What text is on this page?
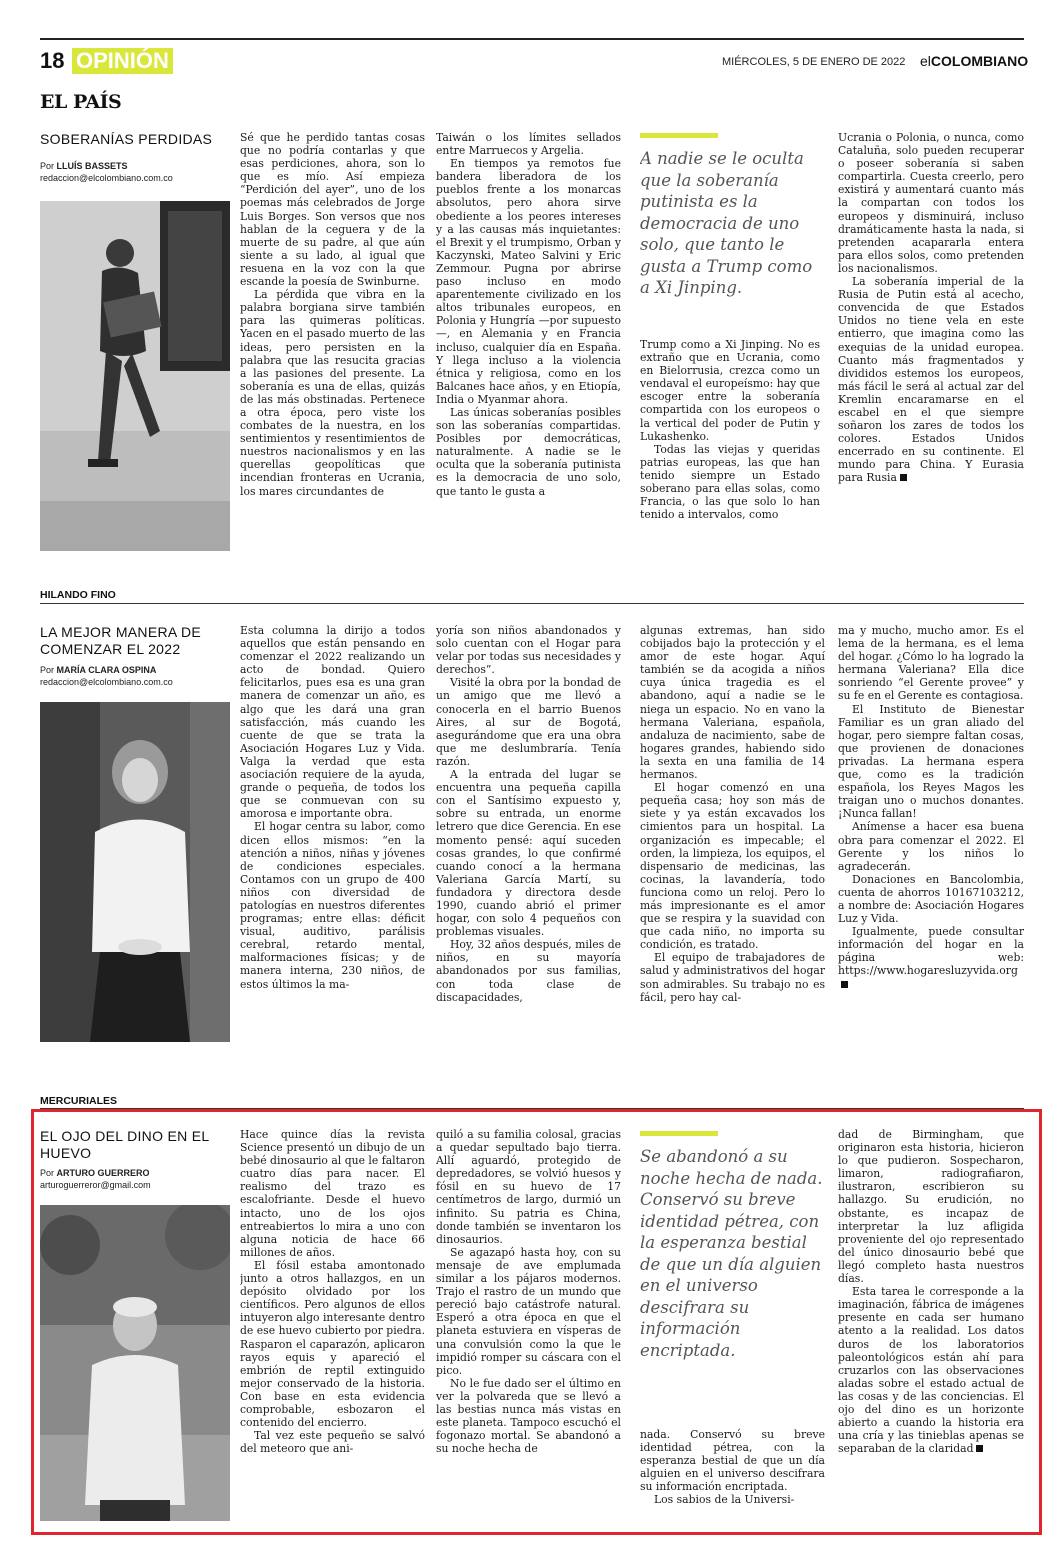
18 OPINIÓN	MIÉRCOLES, 5 DE ENERO DE 2022 elCOLOMBIANO
EL PAÍS
SOBERANÍAS PERDIDAS
Por LLUÍS BASSETS
redaccion@elcolombiano.com.co

Sé que he perdido tantas cosas que no podría contarlas y que esas perdiciones, ahora, son lo que es mío. Así empieza “Perdición del ayer”, uno de los poemas más celebrados de Jorge Luis Borges. Son versos que nos hablan de la ceguera y de la muerte de su padre, al que aún siente a su lado, al igual que resuena en la voz con la que escande la poesía de Swinburne.

La pérdida que vibra en la palabra borgiana sirve también para las quimeras políticas. Yacen en el pasado muerto de las ideas, pero persisten en la palabra que las resucita gracias a las pasiones del presente. La soberanía es una de ellas, quizás de las más obstinadas. Pertenece a otra época, pero viste los combates de la nuestra, en los sentimientos y resentimientos de nuestros nacionalismos y en las querellas geopolíticas que incendian fronteras en Ucrania, los mares circundantes de

Taiwán o los límites sellados entre Marruecos y Argelia.

En tiempos ya remotos fue bandera liberadora de los pueblos frente a los monarcas absolutos, pero ahora sirve obediente a los peores intereses y a las causas más inquietantes: el Brexit y el trumpismo, Orban y Kaczynski, Mateo Salvini y Eric Zemmour. Pugna por abrirse paso incluso en modo aparentemente civilizado en los altos tribunales europeos, en Polonia y Hungría —por supuesto—, en Alemania y en Francia incluso, cualquier día en España. Y llega incluso a la violencia étnica y religiosa, como en los Balcanes hace años, y en Etiopía, India o Myanmar ahora.

Las únicas soberanías posibles son las soberanías compartidas. Posibles por democráticas, naturalmente. A nadie se le oculta que la soberanía putinista es la democracia de uno solo, que tanto le gusta a

A nadie se le oculta que la soberanía putinista es la democracia de uno solo, que tanto le gusta a Trump como a Xi Jinping.

Trump como a Xi Jinping. No es extraño que en Ucrania, como en Bielorrusia, crezca como un vendaval el europeísmo: hay que escoger entre la soberanía compartida con los europeos o la vertical del poder de Putin y Lukashenko.

Todas las viejas y queridas patrias europeas, las que han tenido siempre un Estado soberano para ellas solas, como Francia, o las que solo lo han tenido a intervalos, como

Ucrania o Polonia, o nunca, como Cataluña, solo pueden recuperar o poseer soberanía si saben compartirla. Cuesta creerlo, pero existirá y aumentará cuanto más la compartan con todos los europeos y disminuirá, incluso dramáticamente hasta la nada, si pretenden acapararla entera para ellos solos, como pretenden los nacionalismos.

La soberanía imperial de la Rusia de Putin está al acecho, convencida de que Estados Unidos no tiene vela en este entierro, que imagina como las exequias de la unidad europea. Cuanto más fragmentados y divididos estemos los europeos, más fácil le será al actual zar del Kremlin encaramarse en el escabel en el que siempre soñaron los zares de todos los colores. Estados Unidos encerrado en su continente. El mundo para China. Y Eurasia para Rusia

HILANDO FINO
LA MEJOR MANERA DE COMENZAR EL 2022
Por MARÍA CLARA OSPINA
redaccion@elcolombiano.com.co

Esta columna la dirijo a todos aquellos que están pensando en comenzar el 2022 realizando un acto de bondad. Quiero felicitarlos, pues esa es una gran manera de comenzar un año, es algo que les dará una gran satisfacción, más cuando les cuente de que se trata la Asociación Hogares Luz y Vida. Valga la verdad que esta asociación requiere de la ayuda, grande o pequeña, de todos los que se conmuevan con su amorosa e importante obra.

El hogar centra su labor, como dicen ellos mismos: “en la atención a niños, niñas y jóvenes de condiciones especiales. Contamos con un grupo de 400 niños con diversidad de patologías en nuestros diferentes programas; entre ellas: déficit visual, auditivo, parálisis cerebral, retardo mental, malformaciones físicas; y de manera interna, 230 niños, de estos últimos la ma-

yoría son niños abandonados y solo cuentan con el Hogar para velar por todas sus necesidades y derechos”.

Visité la obra por la bondad de un amigo que me llevó a conocerla en el barrio Buenos Aires, al sur de Bogotá, asegurándome que era una obra que me deslumbraría. Tenía razón.

A la entrada del lugar se encuentra una pequeña capilla con el Santísimo expuesto y, sobre su entrada, un enorme letrero que dice Gerencia. En ese momento pensé: aquí suceden cosas grandes, lo que confirmé cuando conocí a la hermana Valeriana García Martí, su fundadora y directora desde 1990, cuando abrió el primer hogar, con solo 4 pequeños con problemas visuales.

Hoy, 32 años después, miles de niños, en su mayoría abandonados por sus familias, con toda clase de discapacidades,

algunas extremas, han sido cobijados bajo la protección y el amor de este hogar. Aquí también se da acogida a niños cuya única tragedia es el abandono, aquí a nadie se le niega un espacio. No en vano la hermana Valeriana, española, andaluza de nacimiento, sabe de hogares grandes, habiendo sido la sexta en una familia de 14 hermanos.

El hogar comenzó en una pequeña casa; hoy son más de siete y ya están excavados los cimientos para un hospital. La organización es impecable; el orden, la limpieza, los equipos, el dispensario de medicinas, las cocinas, la lavandería, todo funciona como un reloj. Pero lo más impresionante es el amor que se respira y la suavidad con que cada niño, no importa su condición, es tratado.

El equipo de trabajadores de salud y administrativos del hogar son admirables. Su trabajo no es fácil, pero hay cal-

ma y mucho, mucho amor. Es el lema de la hermana, es el lema del hogar. ¿Cómo lo ha logrado la hermana Valeriana? Ella dice sonriendo “el Gerente provee” y su fe en el Gerente es contagiosa.

El Instituto de Bienestar Familiar es un gran aliado del hogar, pero siempre faltan cosas, que provienen de donaciones privadas. La hermana espera que, como es la tradición española, los Reyes Magos les traigan uno o muchos donantes. ¡Nunca fallan!

Anímense a hacer esa buena obra para comenzar el 2022. El Gerente y los niños lo agradecerán.

Donaciones en Bancolombia, cuenta de ahorros 10167103212, a nombre de: Asociación Hogares Luz y Vida.

Igualmente, puede consultar información del hogar en la página web: https://www.hogaresluzyvida.org

MERCURIALES
EL OJO DEL DINO EN EL HUEVO
Por ARTURO GUERRERO
arturoguerreror@gmail.com

Hace quince días la revista Science presentó un dibujo de un bebé dinosaurio al que le faltaron cuatro días para nacer. El realismo del trazo es escalofriante. Desde el huevo intacto, uno de los ojos entreabiertos lo mira a uno con alguna noticia de hace 66 millones de años.

El fósil estaba amontonado junto a otros hallazgos, en un depósito olvidado por los científicos. Pero algunos de ellos intuyeron algo interesante dentro de ese huevo cubierto por piedra. Rasparon el caparazón, aplicaron rayos equis y apareció el embrión de reptil extinguido mejor conservado de la historia. Con base en esta evidencia comprobable, esbozaron el contenido del encierro.

Tal vez este pequeño se salvó del meteoro que ani-

quiló a su familia colosal, gracias a quedar sepultado bajo tierra. Allí aguardó, protegido de depredadores, se volvió huesos y fósil en su huevo de 17 centímetros de largo, durmió un infinito. Su patria es China, donde también se inventaron los dinosaurios.

Se agazapó hasta hoy, con su mensaje de ave emplumada similar a los pájaros modernos. Trajo el rastro de un mundo que pereció bajo catástrofe natural. Esperó a otra época en que el planeta estuviera en vísperas de una convulsión como la que le impidió romper su cáscara con el pico.

No le fue dado ser el último en ver la polvareda que se llevó a las bestias nunca más vistas en este planeta. Tampoco escuchó el fogonazo mortal. Se abandonó a su noche hecha de

Se abandonó a su noche hecha de nada. Conservó su breve identidad pétrea, con la esperanza bestial de que un día alguien en el universo descifrara su información encriptada.

nada. Conservó su breve identidad pétrea, con la esperanza bestial de que un día alguien en el universo descifrara su información encriptada.

Los sabios de la Universi-

dad de Birmingham, que originaron esta historia, hicieron lo que pudieron. Sospecharon, limaron, radiografiaron, ilustraron, escribieron su hallazgo. Su erudición, no obstante, es incapaz de interpretar la luz afligida proveniente del ojo representado del único dinosaurio bebé que llegó completo hasta nuestros días.

Esta tarea le corresponde a la imaginación, fábrica de imágenes presente en cada ser humano atento a la realidad. Los datos duros de los laboratorios paleontológicos están ahí para cruzarlos con las observaciones aladas sobre el estado actual de las cosas y de las conciencias. El ojo del dino es un horizonte abierto a cuando la historia era una cría y las tinieblas apenas se separaban de la claridad
